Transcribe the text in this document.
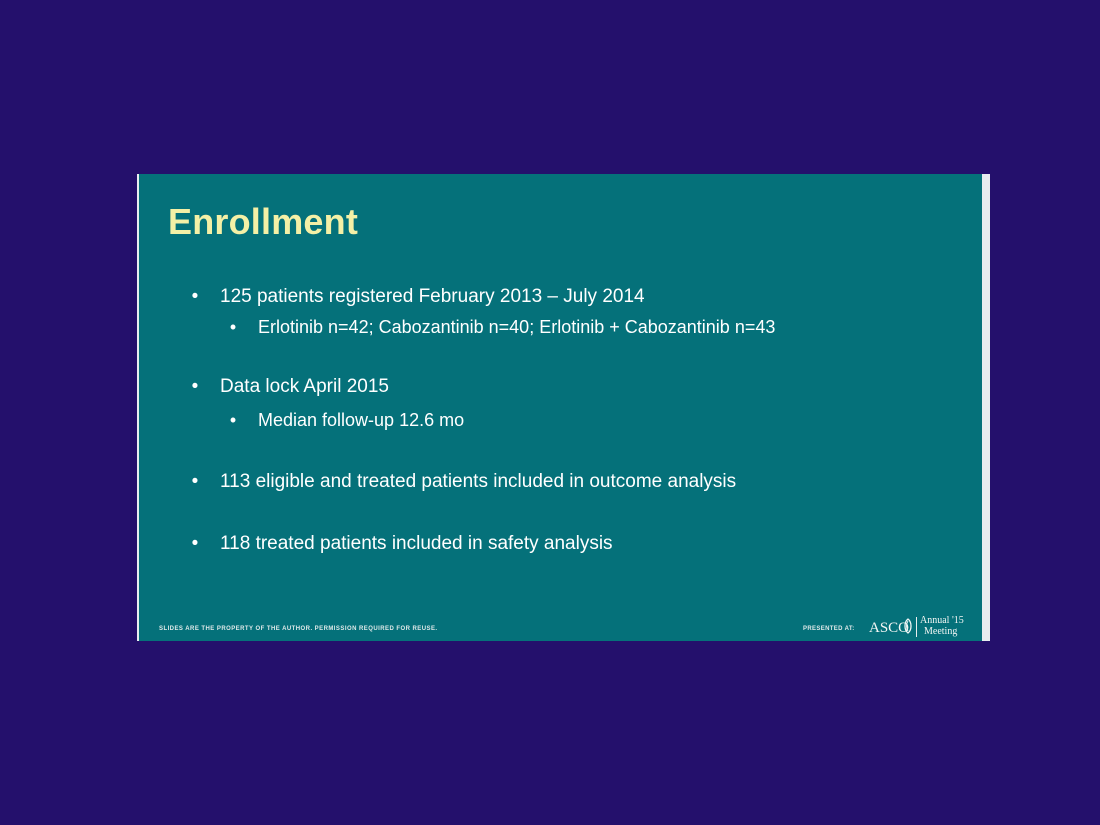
Enrollment
• 125 patients registered February 2013 – July 2014
• Erlotinib n=42; Cabozantinib n=40; Erlotinib + Cabozantinib n=43
• Data lock April 2015
• Median follow-up 12.6 mo
• 113 eligible and treated patients included in outcome analysis
• 118 treated patients included in safety analysis
SLIDES ARE THE PROPERTY OF THE AUTHOR. PERMISSION REQUIRED FOR REUSE.	PRESENTED AT: ASCO Annual '15
Meeting
